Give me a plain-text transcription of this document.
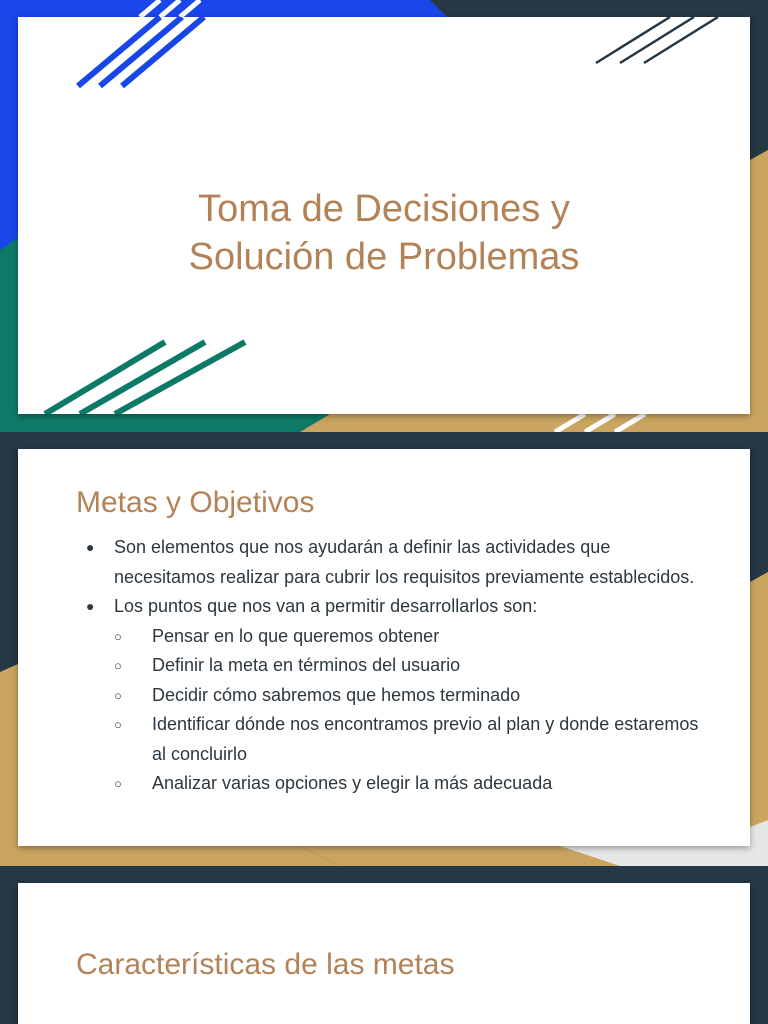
Toma de Decisiones y
Solución de Problemas
Metas y Objetivos
● Son elementos que nos ayudarán a definir las actividades que necesitamos realizar para cubrir los requisitos previamente establecidos.
● Los puntos que nos van a permitir desarrollarlos son:
○ Pensar en lo que queremos obtener
○ Definir la meta en términos del usuario
○ Decidir cómo sabremos que hemos terminado
○ Identificar dónde nos encontramos previo al plan y donde estaremos al concluirlo
○ Analizar varias opciones y elegir la más adecuada
Características de las metas
